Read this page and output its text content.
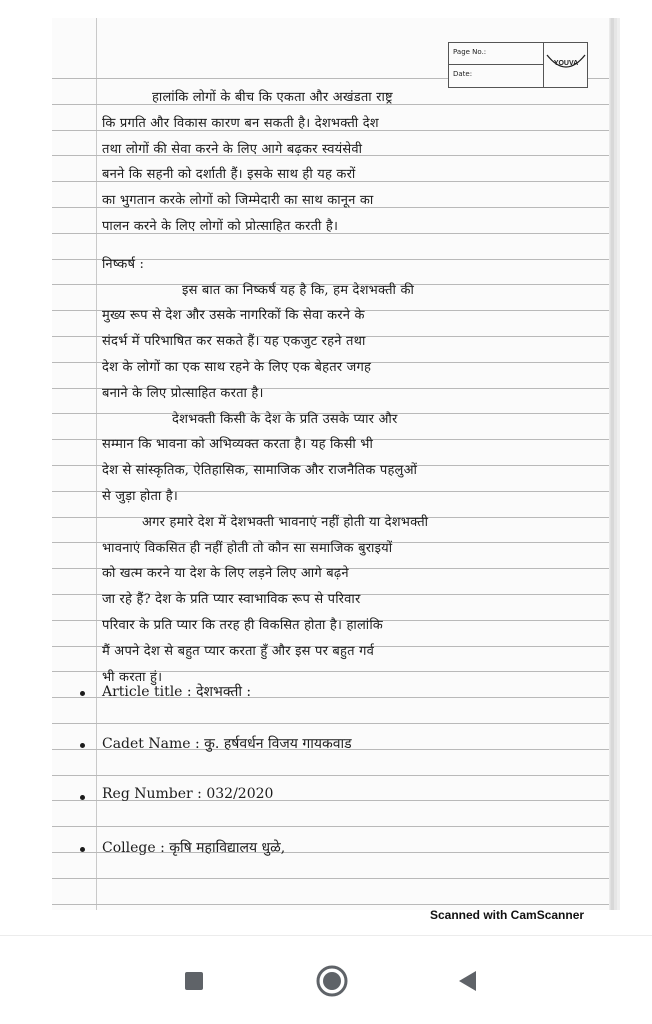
Page No.:
Date:
YOUVA
हालांकि लोगों के बीच कि एकता और अखंडता राष्ट्र
कि प्रगति और विकास कारण बन सकती है। देशभक्ती देश
तथा लोगों की सेवा करने के लिए आगे बढ़कर स्वयंसेवी
बनने कि सहनी को दर्शाती हैं। इसके साथ ही यह करों
का भुगतान करके लोगों को जिम्मेदारी का साथ कानून का
पालन करने के लिए लोगों को प्रोत्साहित करती है।
निष्कर्ष :
इस बात का निष्कर्ष यह है कि, हम देशभक्ती की
मुख्य रूप से देश और उसके नागरिकों कि सेवा करने के
संदर्भ में परिभाषित कर सकते हैं। यह एकजुट रहने तथा
देश के लोगों का एक साथ रहने के लिए एक बेहतर जगह
बनाने के लिए प्रोत्साहित करता है।
देशभक्ती किसी के देश के प्रति उसके प्यार और
सम्मान कि भावना को अभिव्यक्त करता है। यह किसी भी
देश से सांस्कृतिक, ऐतिहासिक, सामाजिक और राजनैतिक पहलुओं
से जुड़ा होता है।
अगर हमारे देश में देशभक्ती भावनाएं नहीं होती या देशभक्ती
भावनाएं विकसित ही नहीं होती तो कौन सा समाजिक बुराइयों
को खत्म करने या देश के लिए लड़ने लिए आगे बढ़ने
जा रहे हैं? देश के प्रति प्यार स्वाभाविक रूप से परिवार
परिवार के प्रति प्यार कि तरह ही विकसित होता है। हालांकि
मैं अपने देश से बहुत प्यार करता हुँ और इस पर बहुत गर्व
भी करता हुं।
Article title : देशभक्ती :
Cadet Name : कु. हर्षवर्धन विजय गायकवाड
Reg Number : 032/2020
College : कृषि महाविद्यालय धुळे,
Scanned with CamScanner
